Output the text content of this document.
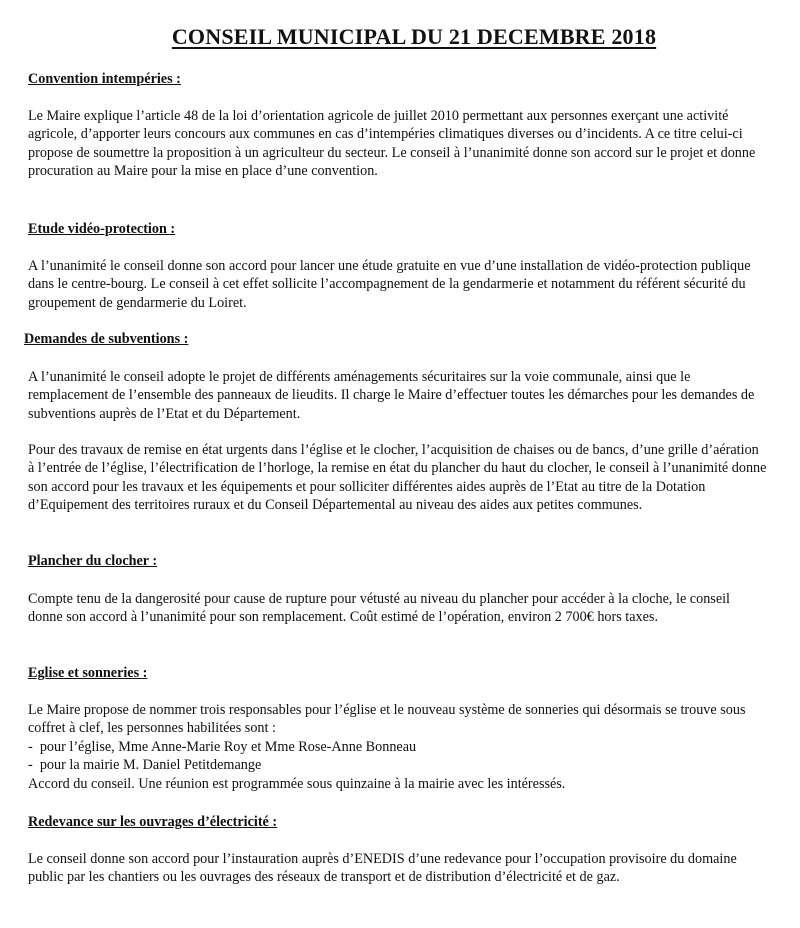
CONSEIL MUNICIPAL DU 21 DECEMBRE 2018
Convention intempéries :

Le Maire explique l’article 48 de la loi d’orientation agricole de juillet 2010 permettant aux personnes exerçant une activité agricole, d’apporter leurs concours aux communes en cas d’intempéries climatiques diverses ou d’incidents. A ce titre celui-ci propose de soumettre la proposition à un agriculteur du secteur. Le conseil à l’unanimité donne son accord sur le projet et donne procuration au Maire pour la mise en place d’une convention.

Etude vidéo-protection :

A l’unanimité le conseil donne son accord pour lancer une étude gratuite en vue d’une installation de vidéo-protection publique dans le centre-bourg. Le conseil à cet effet sollicite l’accompagnement de la gendarmerie et notamment du référent sécurité du groupement de gendarmerie du Loiret.

Demandes de subventions :

A l’unanimité le conseil adopte le projet de différents aménagements sécuritaires sur la voie communale, ainsi que le remplacement de l’ensemble des panneaux de lieudits. Il charge le Maire d’effectuer toutes les démarches pour les demandes de subventions auprès de l’Etat et du Département.

Pour des travaux de remise en état urgents dans l’église et le clocher, l’acquisition de chaises ou de bancs, d’une grille d’aération à l’entrée de l’église, l’électrification de l’horloge, la remise en état du plancher du haut du clocher, le conseil à l’unanimité donne son accord pour les travaux et les équipements et pour solliciter différentes aides auprès de l’Etat au titre de la Dotation d’Equipement des territoires ruraux et du Conseil Départemental au niveau des aides aux petites communes.

Plancher du clocher :

Compte tenu de la dangerosité pour cause de rupture pour vétusté au niveau du plancher pour accéder à la cloche, le conseil donne son accord à l’unanimité pour son remplacement. Coût estimé de l’opération, environ 2 700€ hors taxes.

Eglise et sonneries :

Le Maire propose de nommer trois responsables pour l’église et le nouveau système de sonneries qui désormais se trouve sous coffret à clef, les personnes habilitées sont :

- pour l’église, Mme Anne-Marie Roy et Mme Rose-Anne Bonneau
- pour la mairie M. Daniel Petitdemange

Accord du conseil. Une réunion est programmée sous quinzaine à la mairie avec les intéressés.

Redevance sur les ouvrages d’électricité :

Le conseil donne son accord pour l’instauration auprès d’ENEDIS d’une redevance pour l’occupation provisoire du domaine public par les chantiers ou les ouvrages des réseaux de transport et de distribution d’électricité et de gaz.
